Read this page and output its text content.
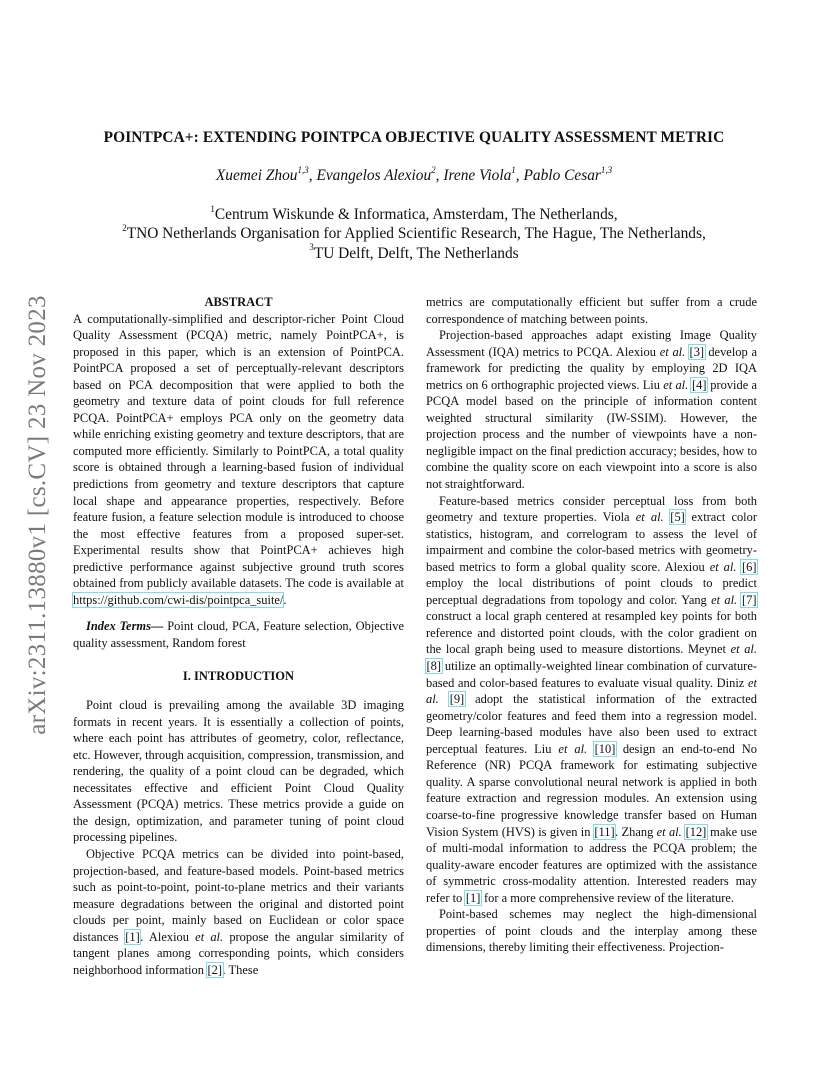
arXiv:2311.13880v1 [cs.CV] 23 Nov 2023
POINTPCA+: EXTENDING POINTPCA OBJECTIVE QUALITY ASSESSMENT METRIC
Xuemei Zhou$^{1,3}$, Evangelos Alexiou$^2$, Irene Viola$^1$, Pablo Cesar$^{1,3}$
$^1$Centrum Wiskunde & Informatica, Amsterdam, The Netherlands,
$^2$TNO Netherlands Organisation for Applied Scientific Research, The Hague, The Netherlands,
$^3$TU Delft, Delft, The Netherlands
ABSTRACT

A computationally-simplified and descriptor-richer Point Cloud Quality Assessment (PCQA) metric, namely PointPCA+, is proposed in this paper, which is an extension of PointPCA. PointPCA proposed a set of perceptually-relevant descriptors based on PCA decomposition that were applied to both the geometry and texture data of point clouds for full reference PCQA. PointPCA+ employs PCA only on the geometry data while enriching existing geometry and texture descriptors, that are computed more efficiently. Similarly to PointPCA, a total quality score is obtained through a learning-based fusion of individual predictions from geometry and texture descriptors that capture local shape and appearance properties, respectively. Before feature fusion, a feature selection module is introduced to choose the most effective features from a proposed super-set. Experimental results show that PointPCA+ achieves high predictive performance against subjective ground truth scores obtained from publicly available datasets. The code is available at https://github.com/cwi-dis/pointpca_suite/.

Index Terms— Point cloud, PCA, Feature selection, Objective quality assessment, Random forest

I. INTRODUCTION

Point cloud is prevailing among the available 3D imaging formats in recent years. It is essentially a collection of points, where each point has attributes of geometry, color, reflectance, etc. However, through acquisition, compression, transmission, and rendering, the quality of a point cloud can be degraded, which necessitates effective and efficient Point Cloud Quality Assessment (PCQA) metrics. These metrics provide a guide on the design, optimization, and parameter tuning of point cloud processing pipelines.

Objective PCQA metrics can be divided into point-based, projection-based, and feature-based models. Point-based metrics such as point-to-point, point-to-plane metrics and their variants measure degradations between the original and distorted point clouds per point, mainly based on Euclidean or color space distances [1]. Alexiou et al. propose the angular similarity of tangent planes among corresponding points, which considers neighborhood information [2]. These

metrics are computationally efficient but suffer from a crude correspondence of matching between points.

Projection-based approaches adapt existing Image Quality Assessment (IQA) metrics to PCQA. Alexiou et al. [3] develop a framework for predicting the quality by employing 2D IQA metrics on 6 orthographic projected views. Liu et al. [4] provide a PCQA model based on the principle of information content weighted structural similarity (IW-SSIM). However, the projection process and the number of viewpoints have a non-negligible impact on the final prediction accuracy; besides, how to combine the quality score on each viewpoint into a score is also not straightforward.

Feature-based metrics consider perceptual loss from both geometry and texture properties. Viola et al. [5] extract color statistics, histogram, and correlogram to assess the level of impairment and combine the color-based metrics with geometry-based metrics to form a global quality score. Alexiou et al. [6] employ the local distributions of point clouds to predict perceptual degradations from topology and color. Yang et al. [7] construct a local graph centered at resampled key points for both reference and distorted point clouds, with the color gradient on the local graph being used to measure distortions. Meynet et al. [8] utilize an optimally-weighted linear combination of curvature-based and color-based features to evaluate visual quality. Diniz et al. [9] adopt the statistical information of the extracted geometry/color features and feed them into a regression model. Deep learning-based modules have also been used to extract perceptual features. Liu et al. [10] design an end-to-end No Reference (NR) PCQA framework for estimating subjective quality. A sparse convolutional neural network is applied in both feature extraction and regression modules. An extension using coarse-to-fine progressive knowledge transfer based on Human Vision System (HVS) is given in [11]. Zhang et al. [12] make use of multi-modal information to address the PCQA problem; the quality-aware encoder features are optimized with the assistance of symmetric cross-modality attention. Interested readers may refer to [1] for a more comprehensive review of the literature.

Point-based schemes may neglect the high-dimensional properties of point clouds and the interplay among these dimensions, thereby limiting their effectiveness. Projection-
